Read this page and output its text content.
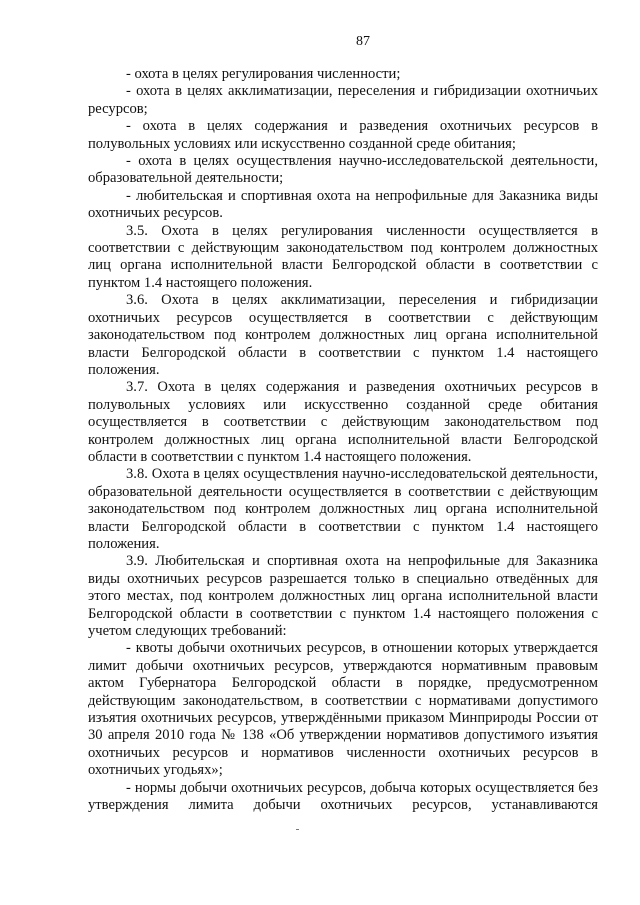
87

- охота в целях регулирования численности;

- охота в целях акклиматизации, переселения и гибридизации охотничьих ресурсов;

- охота в целях содержания и разведения охотничьих ресурсов в полувольных условиях или искусственно созданной среде обитания;

- охота в целях осуществления научно-исследовательской деятельности, образовательной деятельности;

- любительская и спортивная охота на непрофильные для Заказника виды охотничьих ресурсов.

3.5. Охота в целях регулирования численности осуществляется в соответствии с действующим законодательством под контролем должностных лиц органа исполнительной власти Белгородской области в соответствии с пунктом 1.4 настоящего положения.

3.6. Охота в целях акклиматизации, переселения и гибридизации охотничьих ресурсов осуществляется в соответствии с действующим законодательством под контролем должностных лиц органа исполнительной власти Белгородской области в соответствии с пунктом 1.4 настоящего положения.

3.7. Охота в целях содержания и разведения охотничьих ресурсов в полувольных условиях или искусственно созданной среде обитания осуществляется в соответствии с действующим законодательством под контролем должностных лиц органа исполнительной власти Белгородской области в соответствии с пунктом 1.4 настоящего положения.

3.8. Охота в целях осуществления научно-исследовательской деятельности, образовательной деятельности осуществляется в соответствии с действующим законодательством под контролем должностных лиц органа исполнительной власти Белгородской области в соответствии с пунктом 1.4 настоящего положения.

3.9. Любительская и спортивная охота на непрофильные для Заказника виды охотничьих ресурсов разрешается только в специально отведённых для этого местах, под контролем должностных лиц органа исполнительной власти Белгородской области в соответствии с пунктом 1.4 настоящего положения с учетом следующих требований:

- квоты добычи охотничьих ресурсов, в отношении которых утверждается лимит добычи охотничьих ресурсов, утверждаются нормативным правовым актом Губернатора Белгородской области в порядке, предусмотренном действующим законодательством, в соответствии с нормативами допустимого изъятия охотничьих ресурсов, утверждёнными приказом Минприроды России от 30 апреля 2010 года № 138 «Об утверждении нормативов допустимого изъятия охотничьих ресурсов и нормативов численности охотничьих ресурсов в охотничьих угодьях»;

- нормы добычи охотничьих ресурсов, добыча которых осуществляется без утверждения лимита добычи охотничьих ресурсов, устанавливаются
